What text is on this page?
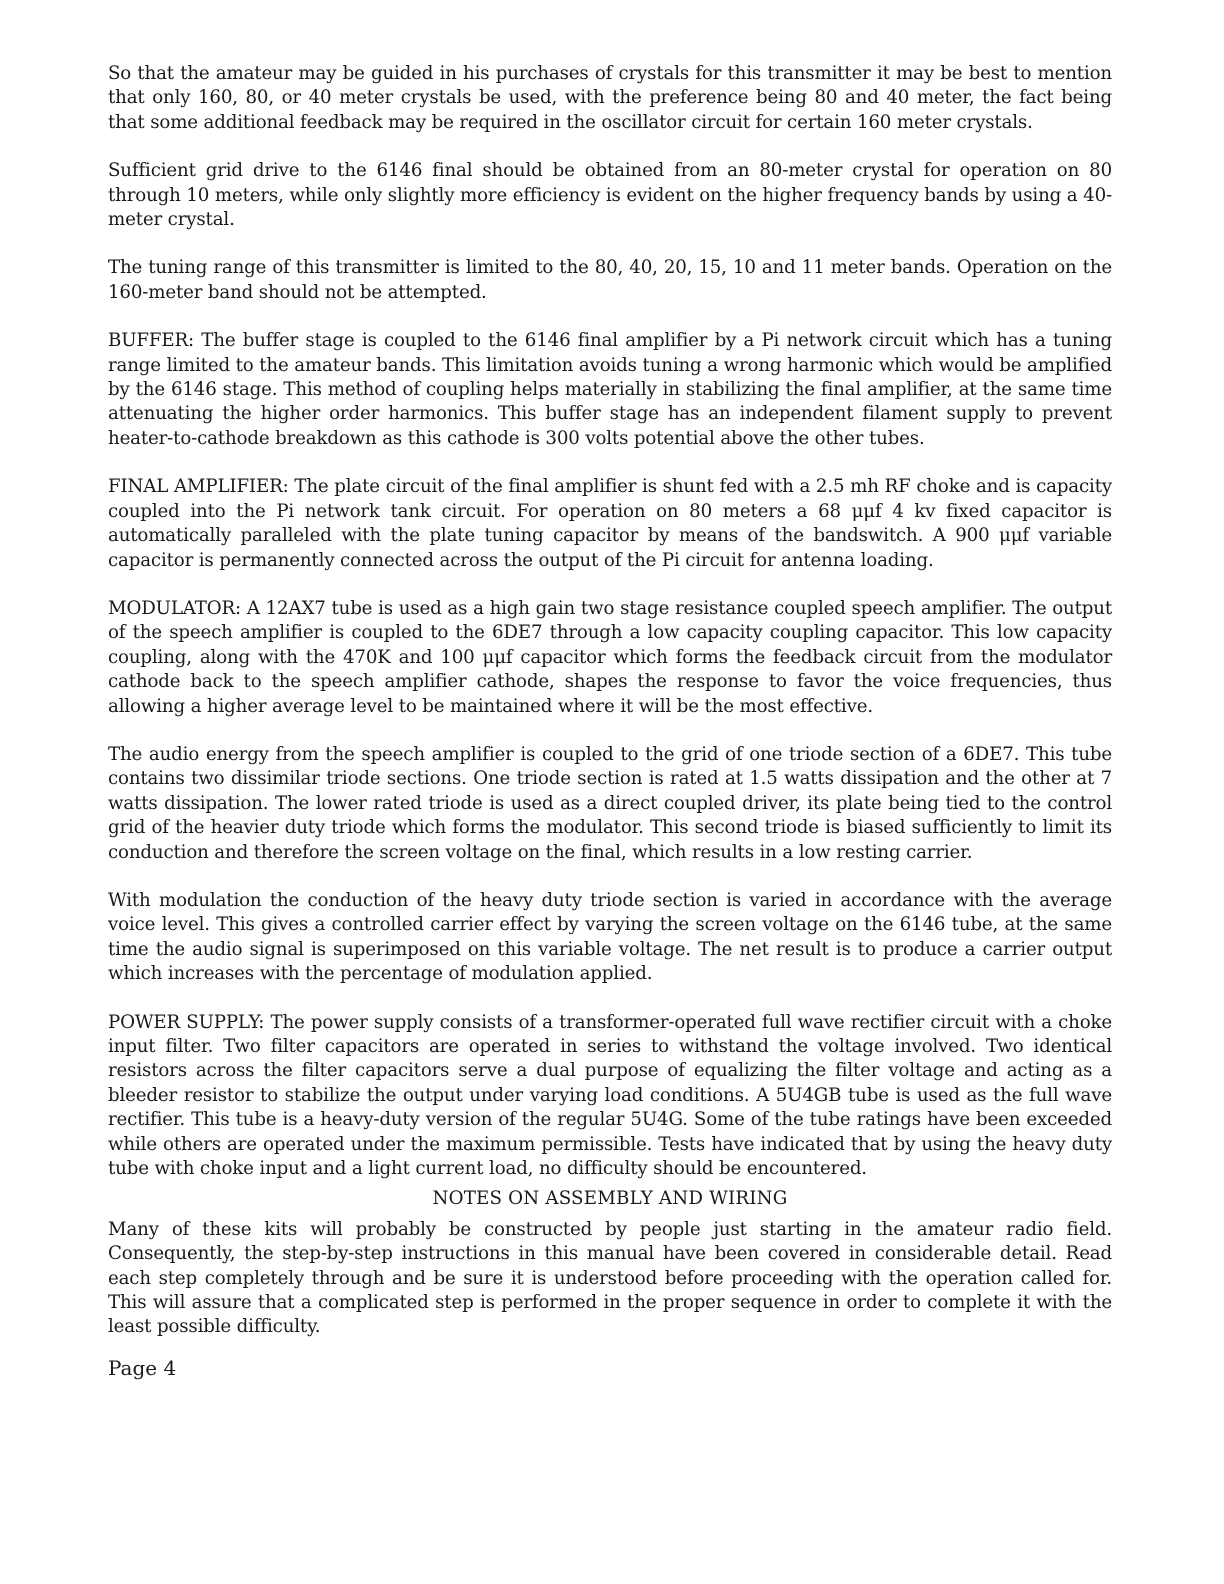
So that the amateur may be guided in his purchases of crystals for this transmitter it may be best to mention that only 160, 80, or 40 meter crystals be used, with the preference being 80 and 40 meter, the fact being that some additional feedback may be required in the oscillator circuit for certain 160 meter crystals.

Sufficient grid drive to the 6146 final should be obtained from an 80-meter crystal for operation on 80 through 10 meters, while only slightly more efficiency is evident on the higher frequency bands by using a 40-meter crystal.

The tuning range of this transmitter is limited to the 80, 40, 20, 15, 10 and 11 meter bands. Operation on the 160-meter band should not be attempted.

BUFFER: The buffer stage is coupled to the 6146 final amplifier by a Pi network circuit which has a tuning range limited to the amateur bands. This limitation avoids tuning a wrong harmonic which would be amplified by the 6146 stage. This method of coupling helps materially in stabilizing the final amplifier, at the same time attenuating the higher order harmonics. This buffer stage has an independent filament supply to prevent heater-to-cathode breakdown as this cathode is 300 volts potential above the other tubes.

FINAL AMPLIFIER: The plate circuit of the final amplifier is shunt fed with a 2.5 mh RF choke and is capacity coupled into the Pi network tank circuit. For operation on 80 meters a 68 μμf 4 kv fixed capacitor is automatically paralleled with the plate tuning capacitor by means of the bandswitch. A 900 μμf variable capacitor is permanently connected across the output of the Pi circuit for antenna loading.

MODULATOR: A 12AX7 tube is used as a high gain two stage resistance coupled speech amplifier. The output of the speech amplifier is coupled to the 6DE7 through a low capacity coupling capacitor. This low capacity coupling, along with the 470K and 100 μμf capacitor which forms the feedback circuit from the modulator cathode back to the speech amplifier cathode, shapes the response to favor the voice frequencies, thus allowing a higher average level to be maintained where it will be the most effective.

The audio energy from the speech amplifier is coupled to the grid of one triode section of a 6DE7. This tube contains two dissimilar triode sections. One triode section is rated at 1.5 watts dissipation and the other at 7 watts dissipation. The lower rated triode is used as a direct coupled driver, its plate being tied to the control grid of the heavier duty triode which forms the modulator. This second triode is biased sufficiently to limit its conduction and therefore the screen voltage on the final, which results in a low resting carrier.

With modulation the conduction of the heavy duty triode section is varied in accordance with the average voice level. This gives a controlled carrier effect by varying the screen voltage on the 6146 tube, at the same time the audio signal is superimposed on this variable voltage. The net result is to produce a carrier output which increases with the percentage of modulation applied.

POWER SUPPLY: The power supply consists of a transformer-operated full wave rectifier circuit with a choke input filter. Two filter capacitors are operated in series to withstand the voltage involved. Two identical resistors across the filter capacitors serve a dual purpose of equalizing the filter voltage and acting as a bleeder resistor to stabilize the output under varying load conditions. A 5U4GB tube is used as the full wave rectifier. This tube is a heavy-duty version of the regular 5U4G. Some of the tube ratings have been exceeded while others are operated under the maximum permissible. Tests have indicated that by using the heavy duty tube with choke input and a light current load, no difficulty should be encountered.

NOTES ON ASSEMBLY AND WIRING

Many of these kits will probably be constructed by people just starting in the amateur radio field. Consequently, the step-by-step instructions in this manual have been covered in considerable detail. Read each step completely through and be sure it is understood before proceeding with the operation called for. This will assure that a complicated step is performed in the proper sequence in order to complete it with the least possible difficulty.

Page 4
